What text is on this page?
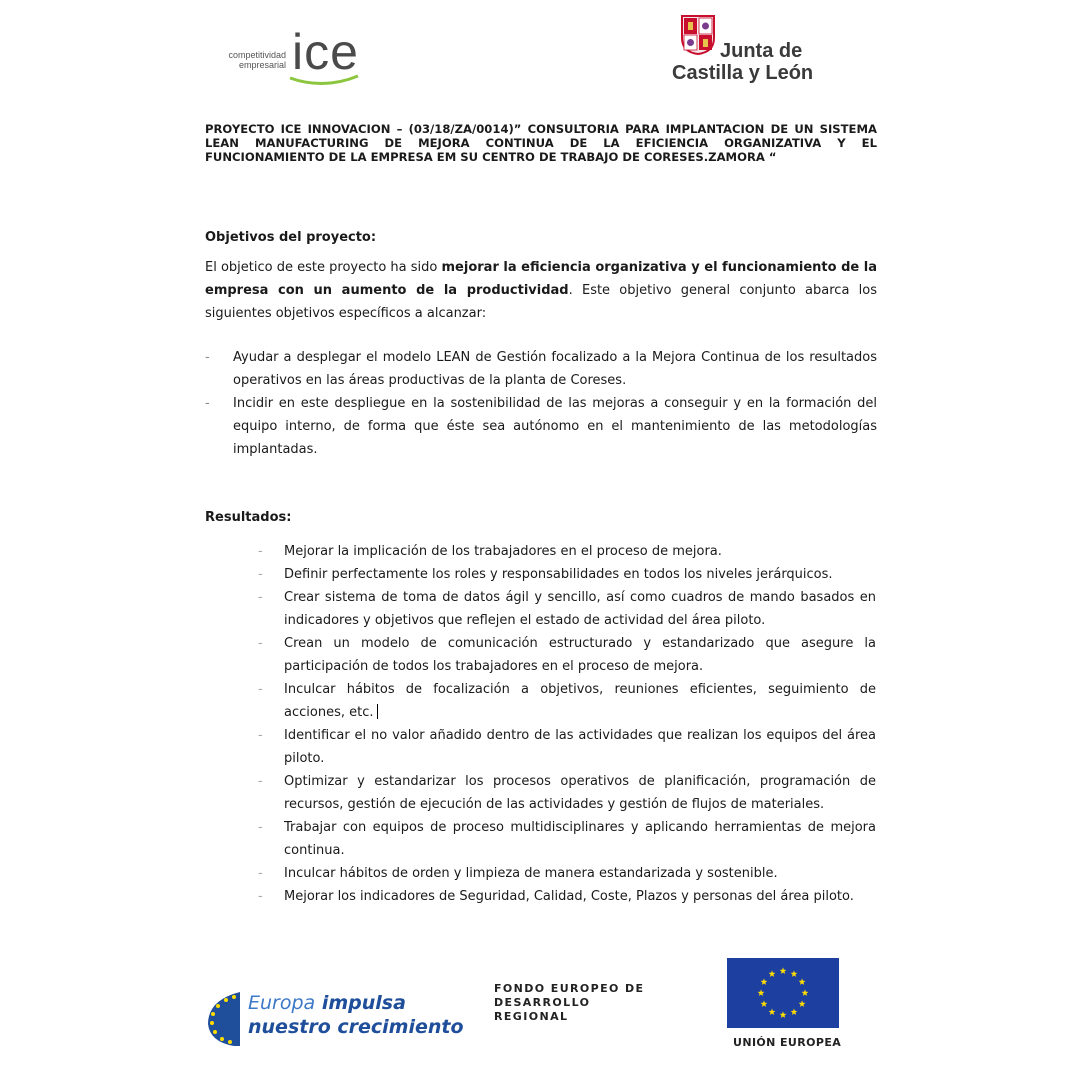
competitividad
empresarial ice	Junta de
Castilla y León
PROYECTO ICE INNOVACION – (03/18/ZA/0014)” CONSULTORIA PARA IMPLANTACION DE UN SISTEMA LEAN MANUFACTURING DE MEJORA CONTINUA DE LA EFICIENCIA ORGANIZATIVA Y EL FUNCIONAMIENTO DE LA EMPRESA EM SU CENTRO DE TRABAJO DE CORESES.ZAMORA “
Objetivos del proyecto:
El objetico de este proyecto ha sido mejorar la eficiencia organizativa y el funcionamiento de la empresa con un aumento de la productividad. Este objetivo general conjunto abarca los siguientes objetivos específicos a alcanzar:
- Ayudar a desplegar el modelo LEAN de Gestión focalizado a la Mejora Continua de los resultados operativos en las áreas productivas de la planta de Coreses.
- Incidir en este despliegue en la sostenibilidad de las mejoras a conseguir y en la formación del equipo interno, de forma que éste sea autónomo en el mantenimiento de las metodologías implantadas.
Resultados:
- Mejorar la implicación de los trabajadores en el proceso de mejora.
- Definir perfectamente los roles y responsabilidades en todos los niveles jerárquicos.
- Crear sistema de toma de datos ágil y sencillo, así como cuadros de mando basados en indicadores y objetivos que reflejen el estado de actividad del área piloto.
- Crean un modelo de comunicación estructurado y estandarizado que asegure la participación de todos los trabajadores en el proceso de mejora.
- Inculcar hábitos de focalización a objetivos, reuniones eficientes, seguimiento de acciones, etc.
- Identificar el no valor añadido dentro de las actividades que realizan los equipos del área piloto.
- Optimizar y estandarizar los procesos operativos de planificación, programación de recursos, gestión de ejecución de las actividades y gestión de flujos de materiales.
- Trabajar con equipos de proceso multidisciplinares y aplicando herramientas de mejora continua.
- Inculcar hábitos de orden y limpieza de manera estandarizada y sostenible.
- Mejorar los indicadores de Seguridad, Calidad, Coste, Plazos y personas del área piloto.
Europa impulsa
nuestro crecimiento
FONDO EUROPEO DE
DESARROLLO
REGIONAL
UNIÓN EUROPEA
